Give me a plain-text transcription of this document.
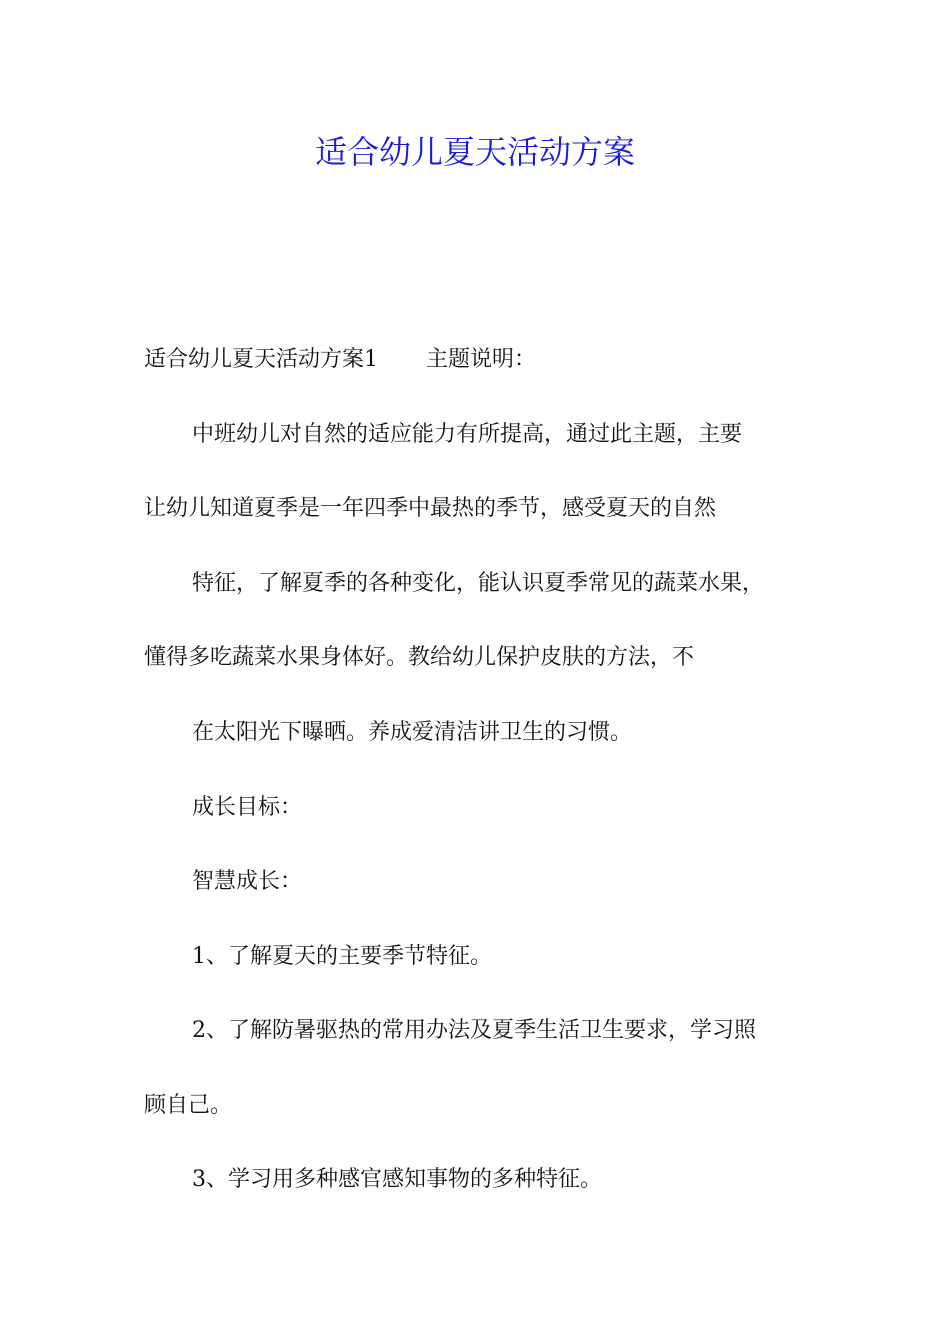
适合幼儿夏天活动方案

适合幼儿夏天活动方案1 主题说明：

中班幼儿对自然的适应能力有所提高，通过此主题，主要

让幼儿知道夏季是一年四季中最热的季节，感受夏天的自然

特征，了解夏季的各种变化，能认识夏季常见的蔬菜水果，

懂得多吃蔬菜水果身体好。教给幼儿保护皮肤的方法，不

在太阳光下曝晒。养成爱清洁讲卫生的习惯。

成长目标：

智慧成长：

1、了解夏天的主要季节特征。

2、了解防暑驱热的常用办法及夏季生活卫生要求，学习照

顾自己。

3、学习用多种感官感知事物的多种特征。
